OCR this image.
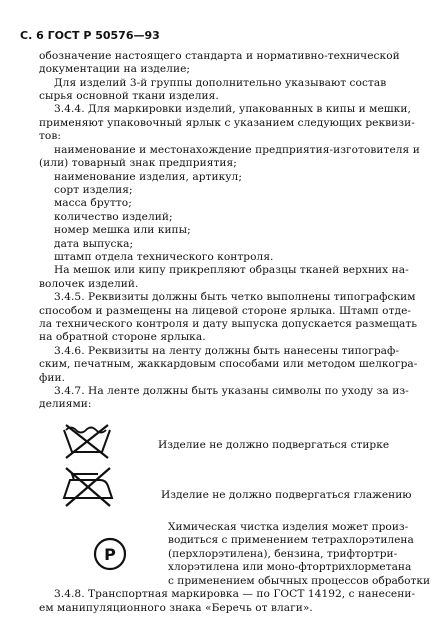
С. 6 ГОСТ Р 50576—93
обозначение настоящего стандарта и нормативно-технической
документации на изделие;
Для изделий 3-й группы дополнительно указывают состав
сырья основной ткани изделия.
3.4.4. Для маркировки изделий, упакованных в кипы и мешки,
применяют упаковочный ярлык с указанием следующих реквизи-
тов:
наименование и местонахождение предприятия-изготовителя и
(или) товарный знак предприятия;
наименование изделия, артикул;
сорт изделия;
масса брутто;
количество изделий;
номер мешка или кипы;
дата выпуска;
штамп отдела технического контроля.
На мешок или кипу прикрепляют образцы тканей верхних на-
волочек изделий.
3.4.5. Реквизиты должны быть четко выполнены типографским
способом и размещены на лицевой стороне ярлыка. Штамп отде-
ла технического контроля и дату выпуска допускается размещать
на обратной стороне ярлыка.
3.4.6. Реквизиты на ленту должны быть нанесены типограф-
ским, печатным, жаккардовым способами или методом шелкогра-
фии.
3.4.7. На ленте должны быть указаны символы по уходу за из-
делиями:
Изделие не должно подвергаться стирке
Изделие не должно подвергаться глажению
P
Химическая чистка изделия может произ-
водиться с применением тетрахлорэтилена
(перхлорэтилена), бензина, трифтортри-
хлорэтилена или моно-фтортрихлорметана
с применением обычных процессов обработки
3.4.8. Транспортная маркировка — по ГОСТ 14192, с нанесени-
ем манипуляционного знака «Беречь от влаги».
